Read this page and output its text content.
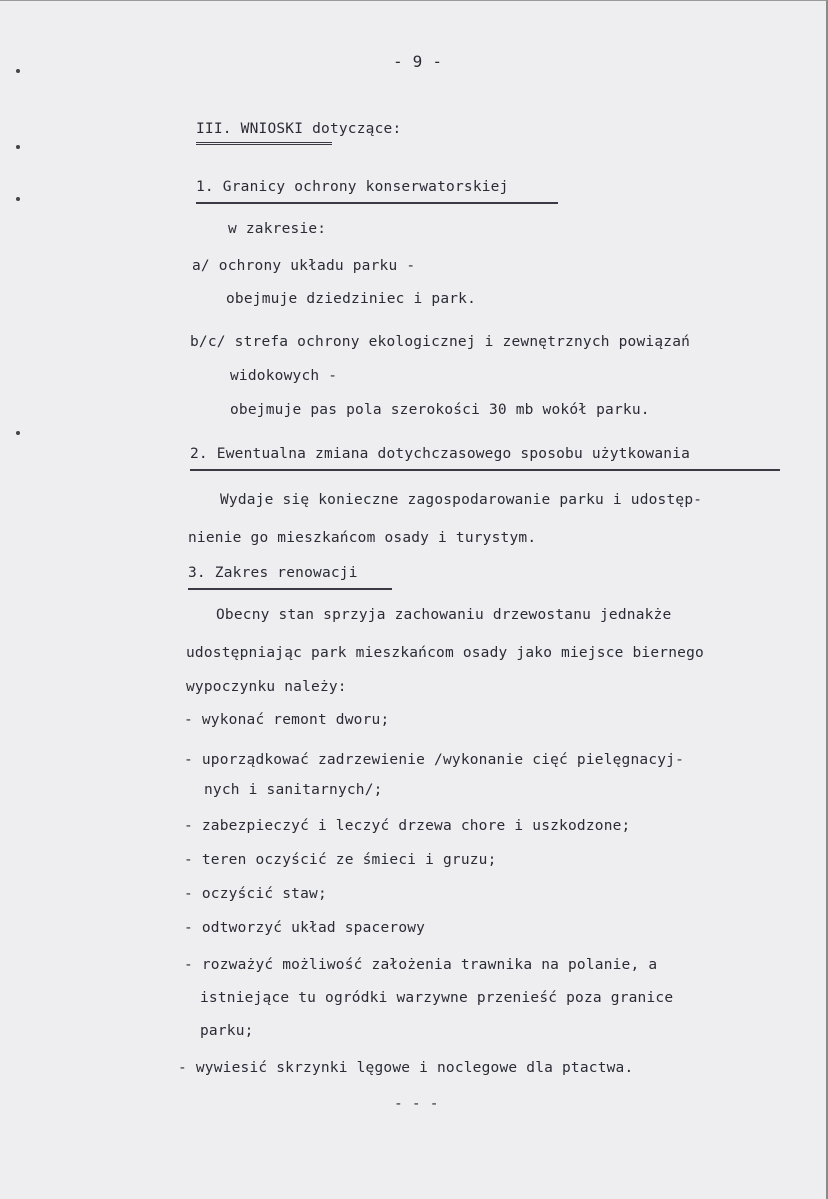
- 9 -
III. WNIOSKI dotyczące:
1. Granicy ochrony konserwatorskiej
w zakresie:
a/ ochrony układu parku -
obejmuje dziedziniec i park.
b/c/ strefa ochrony ekologicznej i zewnętrznych powiązań
widokowych -
obejmuje pas pola szerokości 30 mb wokół parku.
2. Ewentualna zmiana dotychczasowego sposobu użytkowania
Wydaje się konieczne zagospodarowanie parku i udostęp-
nienie go mieszkańcom osady i turystym.
3. Zakres renowacji
Obecny stan sprzyja zachowaniu drzewostanu jednakże
udostępniając park mieszkańcom osady jako miejsce biernego
wypoczynku należy:
- wykonać remont dworu;
- uporządkować zadrzewienie /wykonanie cięć pielęgnacyj-
nych i sanitarnych/;
- zabezpieczyć i leczyć drzewa chore i uszkodzone;
- teren oczyścić ze śmieci i gruzu;
- oczyścić staw;
- odtworzyć układ spacerowy
- rozważyć możliwość założenia trawnika na polanie, a
istniejące tu ogródki warzywne przenieść poza granice
parku;
- wywiesić skrzynki lęgowe i noclegowe dla ptactwa.
- - -
